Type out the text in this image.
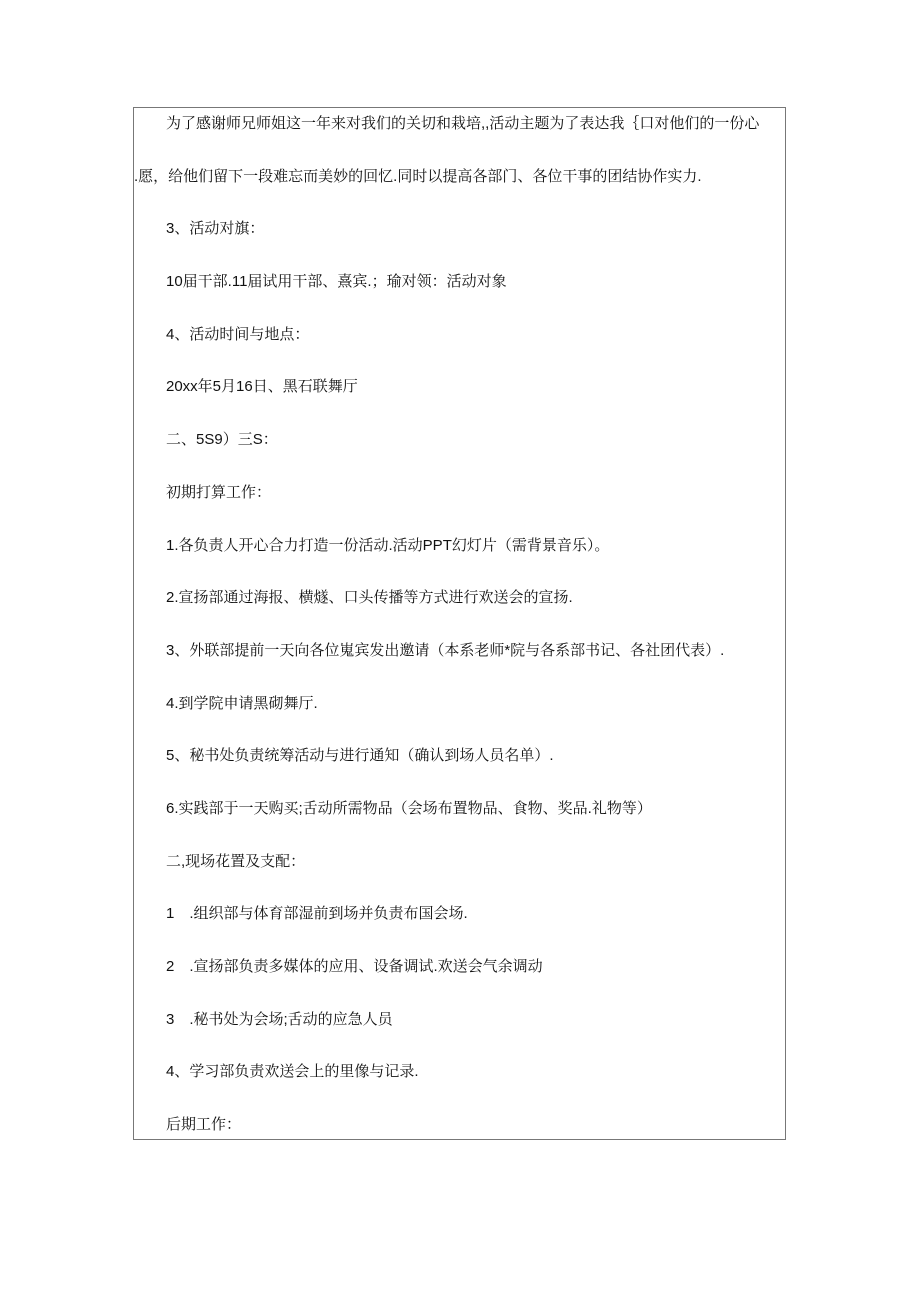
为了感谢师兄师姐这一年来对我们的关切和栽培,,活动主题为了表达我｛口对他们的一份心
.愿，给他们留下一段难忘而美妙的回忆.同时以提高各部门、各位干事的团结协作实力.
3、活动对旗：
10届干部.11届试用干部、熹宾.；瑜对领：活动对象
4、活动时间与地点：
20xx年5月16日、黑石联舞厅
二、5S9）三S：
初期打算工作：
1.各负责人开心合力打造一份活动.活动PPT幻灯片（需背景音乐）。
2.宣扬部通过海报、横燧、口头传播等方式进行欢送会的宣扬.
3、外联部提前一天向各位嵬宾发出邀请（本系老师*院与各系部书记、各社团代表）.
4.到学院申请黑砌舞厅.
5、秘书处负责统筹活动与进行通知（确认到场人员名单）.
6.实践部于一天购买;舌动所需物品（会场布置物品、食物、奖品.礼物等）
二,现场花置及支配：
1　.组织部与体育部湿前到场并负责布国会场.
2　.宣扬部负责多媒体的应用、设备调试.欢送会气余调动
3　.秘书处为会场;舌动的应急人员
4、学习部负责欢送会上的里像与记录.
后期工作：
